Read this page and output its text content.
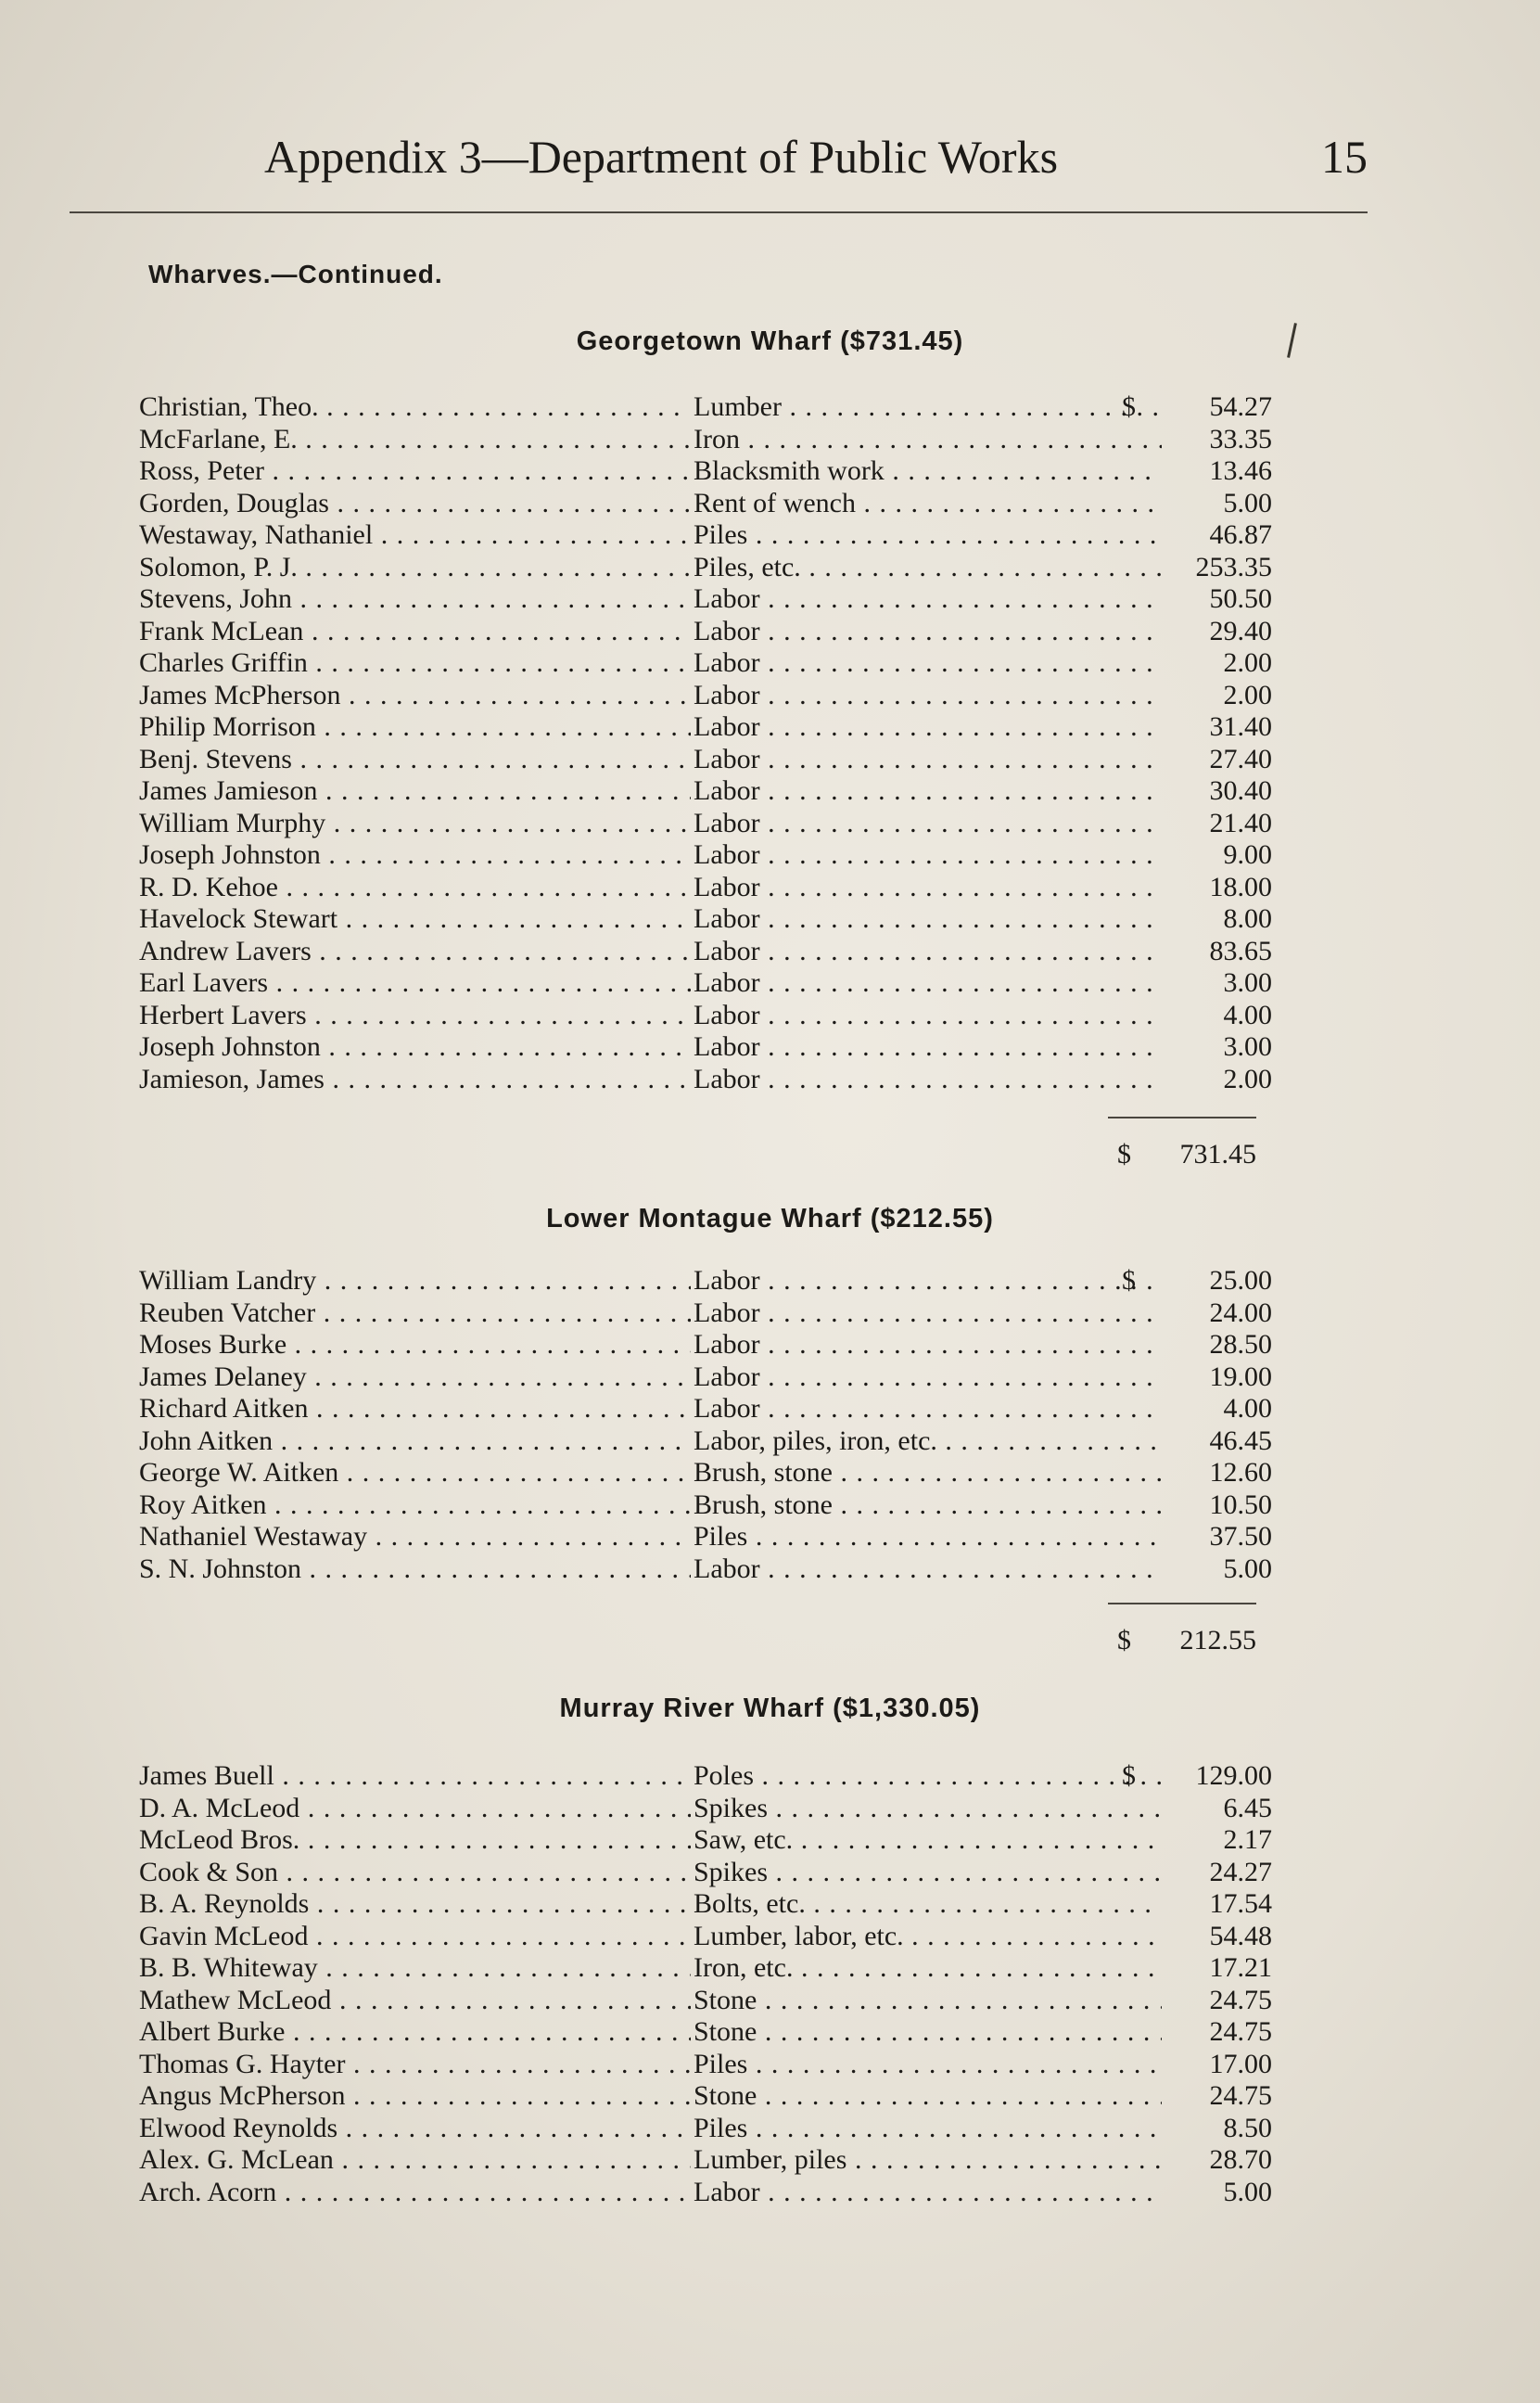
Appendix 3—Department of Public Works	15
Wharves.—Continued.
Georgetown Wharf ($731.45)
Christian, Theo. . . .	Lumber . . .	$	54.27
McFarlane, E. . . .	Iron . . .	33.35
Ross, Peter . . .	Blacksmith work . . .	13.46
Gorden, Douglas . . .	Rent of wench . . .	5.00
Westaway, Nathaniel . . .	Piles . . .	46.87
Solomon, P. J. . . .	Piles, etc. . . .	253.35
Stevens, John . . .	Labor . . .	50.50
Frank McLean . . .	Labor . . .	29.40
Charles Griffin . . .	Labor . . .	2.00
James McPherson . . .	Labor . . .	2.00
Philip Morrison . . .	Labor . . .	31.40
Benj. Stevens . . .	Labor . . .	27.40
James Jamieson . . .	Labor . . .	30.40
William Murphy . . .	Labor . . .	21.40
Joseph Johnston . . .	Labor . . .	9.00
R. D. Kehoe . . .	Labor . . .	18.00
Havelock Stewart . . .	Labor . . .	8.00
Andrew Lavers . . .	Labor . . .	83.65
Earl Lavers . . .	Labor . . .	3.00
Herbert Lavers . . .	Labor . . .	4.00
Joseph Johnston . . .	Labor . . .	3.00
Jamieson, James . . .	Labor . . .	2.00
$ 731.45
Lower Montague Wharf ($212.55)
William Landry . . .	Labor . . .	$	25.00
Reuben Vatcher . . .	Labor . . .	24.00
Moses Burke . . .	Labor . . .	28.50
James Delaney . . .	Labor . . .	19.00
Richard Aitken . . .	Labor . . .	4.00
John Aitken . . .	Labor, piles, iron, etc. . . .	46.45
George W. Aitken . . .	Brush, stone . . .	12.60
Roy Aitken . . .	Brush, stone . . .	10.50
Nathaniel Westaway . . .	Piles . . .	37.50
S. N. Johnston . . .	Labor . . .	5.00
$ 212.55
Murray River Wharf ($1,330.05)
James Buell . . .	Poles . . .	$	129.00
D. A. McLeod . . .	Spikes . . .	6.45
McLeod Bros. . . .	Saw, etc. . . .	2.17
Cook & Son . . .	Spikes . . .	24.27
B. A. Reynolds . . .	Bolts, etc. . . .	17.54
Gavin McLeod . . .	Lumber, labor, etc. . . .	54.48
B. B. Whiteway . . .	Iron, etc. . . .	17.21
Mathew McLeod . . .	Stone . . .	24.75
Albert Burke . . .	Stone . . .	24.75
Thomas G. Hayter . . .	Piles . . .	17.00
Angus McPherson . . .	Stone . . .	24.75
Elwood Reynolds . . .	Piles . . .	8.50
Alex. G. McLean . . .	Lumber, piles . . .	28.70
Arch. Acorn . . .	Labor . . .	5.00
